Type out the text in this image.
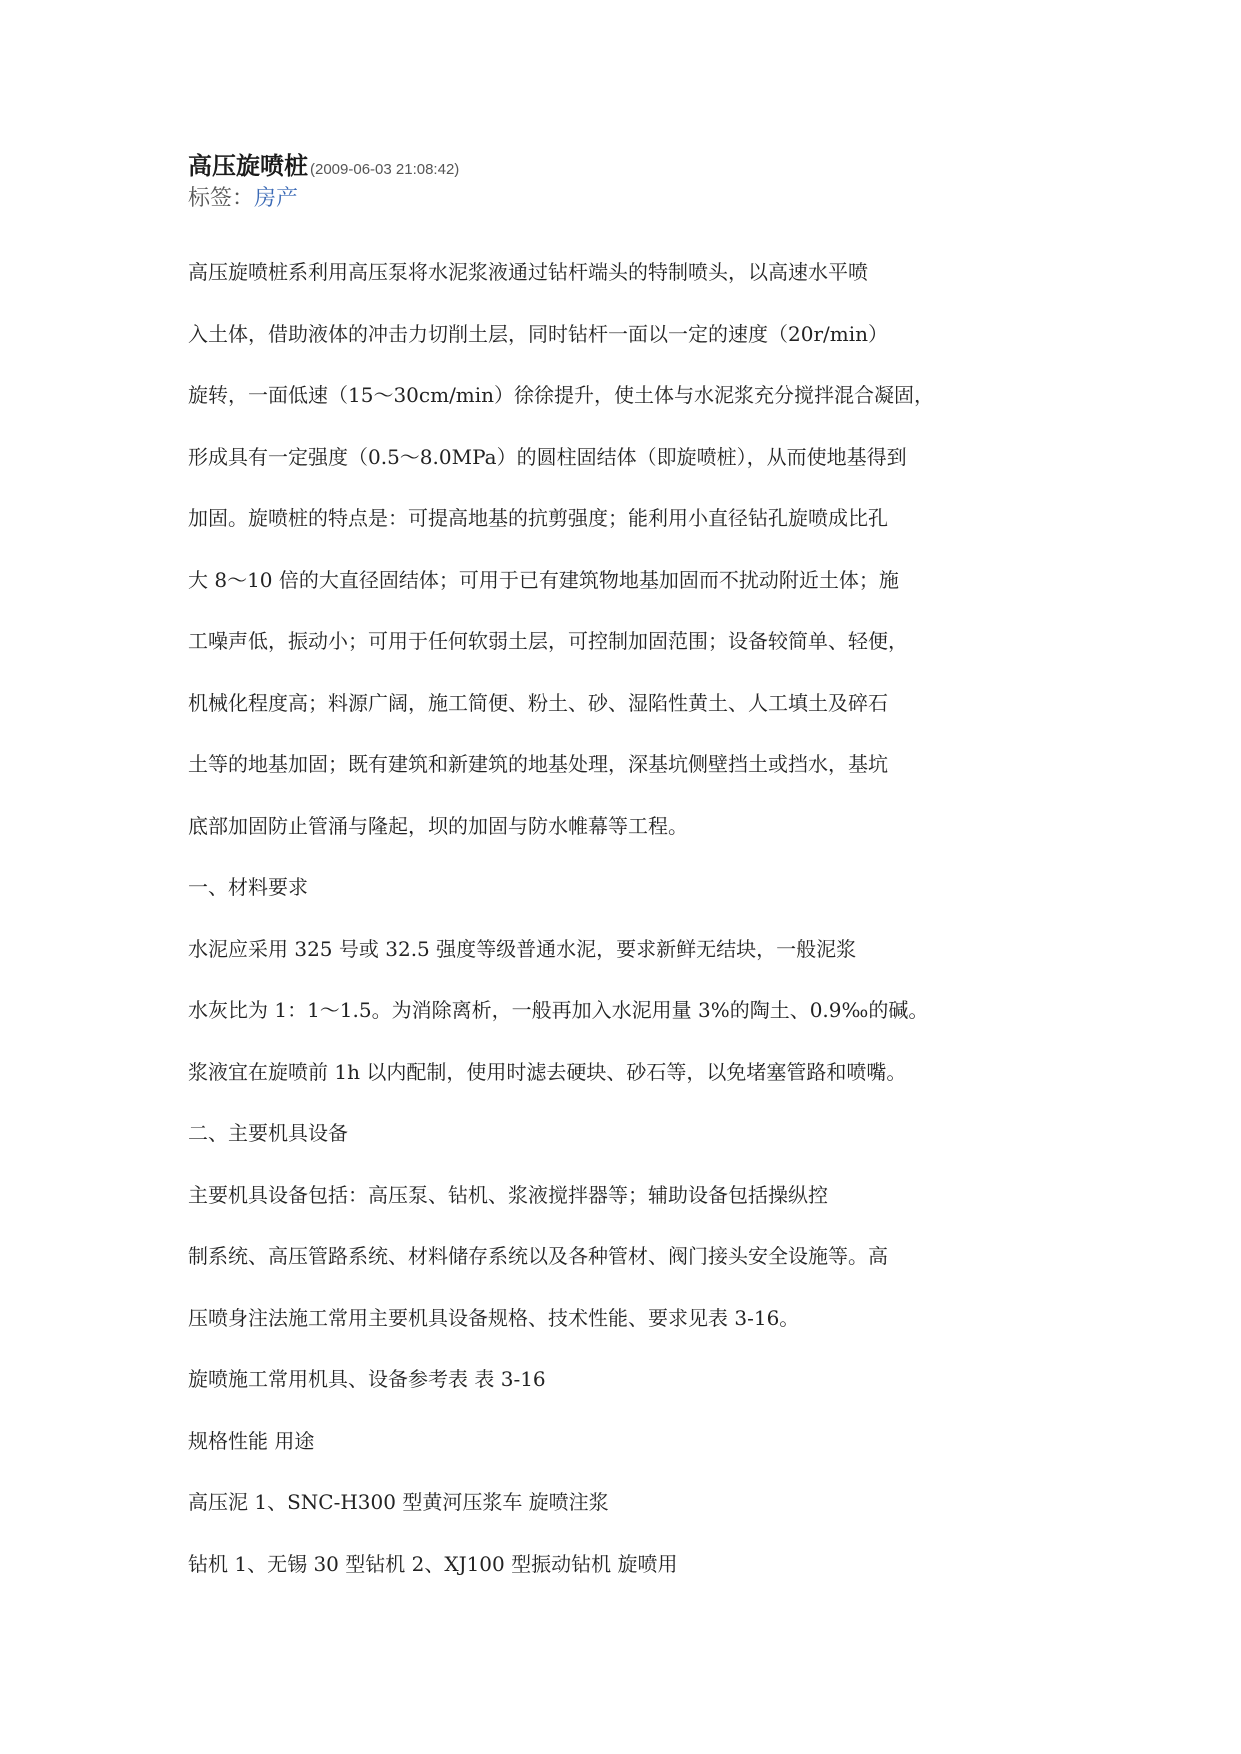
高压旋喷桩 (2009-06-03 21:08:42)
标签：房产

高压旋喷桩系利用高压泵将水泥浆液通过钻杆端头的特制喷头，以高速水平喷

入土体，借助液体的冲击力切削土层，同时钻杆一面以一定的速度（20r/min）

旋转，一面低速（15～30cm/min）徐徐提升，使土体与水泥浆充分搅拌混合凝固，

形成具有一定强度（0.5～8.0MPa）的圆柱固结体（即旋喷桩），从而使地基得到

加固。旋喷桩的特点是：可提高地基的抗剪强度；能利用小直径钻孔旋喷成比孔

大 8～10 倍的大直径固结体；可用于已有建筑物地基加固而不扰动附近土体；施

工噪声低，振动小；可用于任何软弱土层，可控制加固范围；设备较简单、轻便，

机械化程度高；料源广阔，施工简便、粉土、砂、湿陷性黄土、人工填土及碎石

土等的地基加固；既有建筑和新建筑的地基处理，深基坑侧壁挡土或挡水，基坑

底部加固防止管涌与隆起，坝的加固与防水帷幕等工程。

一、材料要求

水泥应采用 325 号或 32.5 强度等级普通水泥，要求新鲜无结块，一般泥浆

水灰比为 1：1～1.5。为消除离析，一般再加入水泥用量 3%的陶土、0.9‰的碱。

浆液宜在旋喷前 1h 以内配制，使用时滤去硬块、砂石等，以免堵塞管路和喷嘴。

二、主要机具设备

主要机具设备包括：高压泵、钻机、浆液搅拌器等；辅助设备包括操纵控

制系统、高压管路系统、材料储存系统以及各种管材、阀门接头安全设施等。高

压喷身注法施工常用主要机具设备规格、技术性能、要求见表 3-16。

旋喷施工常用机具、设备参考表 表 3-16

规格性能 用途

高压泥 1、SNC-H300 型黄河压浆车 旋喷注浆

钻机 1、无锡 30 型钻机 2、XJ100 型振动钻机 旋喷用
